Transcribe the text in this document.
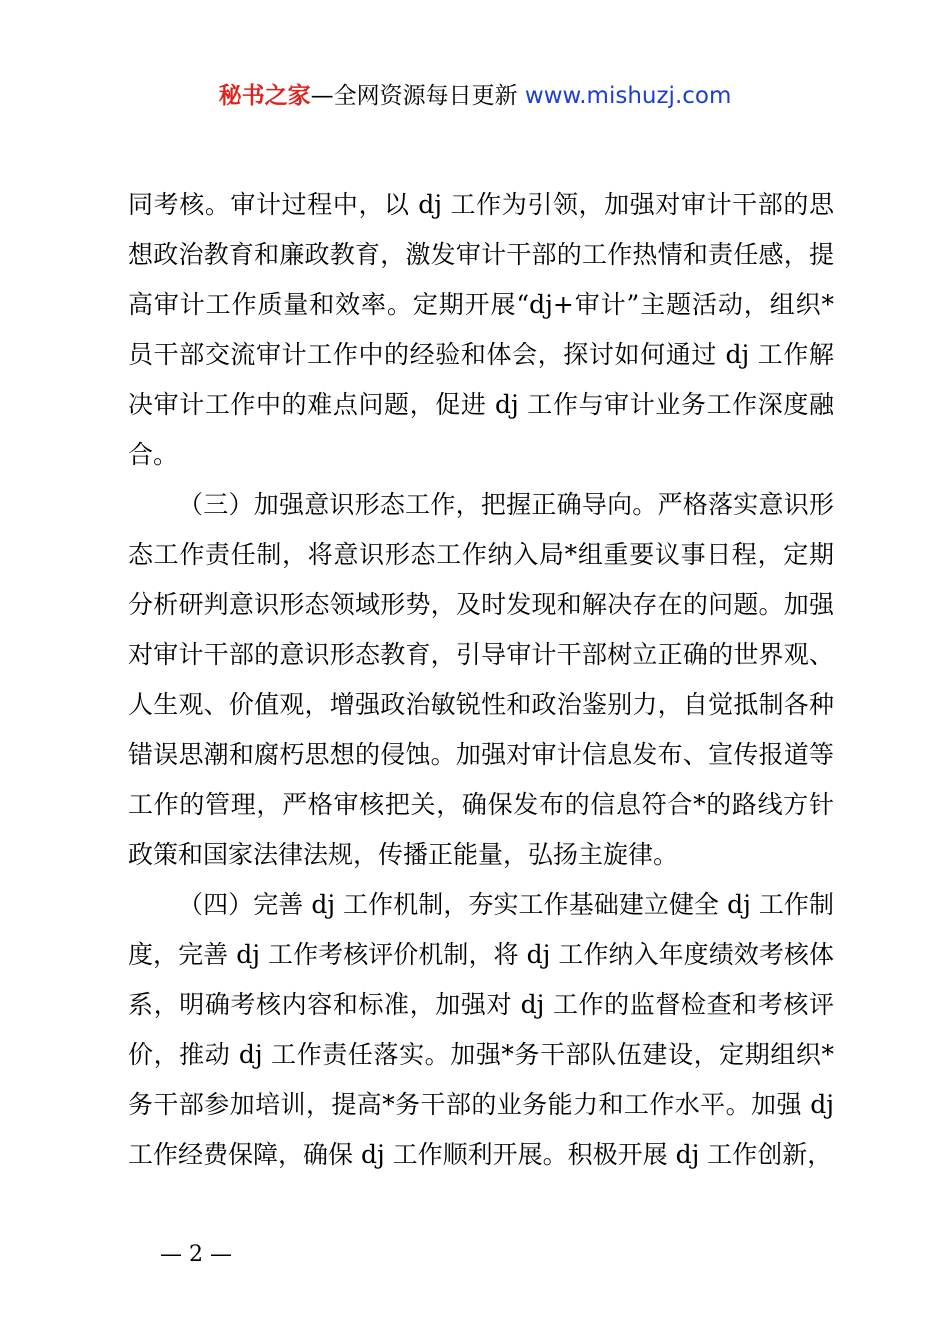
秘书之家—全网资源每日更新 www.mishuzj.com

同考核。审计过程中，以 dj 工作为引领，加强对审计干部的思想政治教育和廉政教育，激发审计干部的工作热情和责任感，提高审计工作质量和效率。定期开展“dj+审计”主题活动，组织*员干部交流审计工作中的经验和体会，探讨如何通过 dj 工作解决审计工作中的难点问题，促进 dj 工作与审计业务工作深度融合。

（三）加强意识形态工作，把握正确导向。严格落实意识形态工作责任制，将意识形态工作纳入局*组重要议事日程，定期分析研判意识形态领域形势，及时发现和解决存在的问题。加强对审计干部的意识形态教育，引导审计干部树立正确的世界观、人生观、价值观，增强政治敏锐性和政治鉴别力，自觉抵制各种错误思潮和腐朽思想的侵蚀。加强对审计信息发布、宣传报道等工作的管理，严格审核把关，确保发布的信息符合*的路线方针政策和国家法律法规，传播正能量，弘扬主旋律。

（四）完善 dj 工作机制，夯实工作基础建立健全 dj 工作制度，完善 dj 工作考核评价机制，将 dj 工作纳入年度绩效考核体系，明确考核内容和标准，加强对 dj 工作的监督检查和考核评价，推动 dj 工作责任落实。加强*务干部队伍建设，定期组织*务干部参加培训，提高*务干部的业务能力和工作水平。加强 dj 工作经费保障，确保 dj 工作顺利开展。积极开展 dj 工作创新，

— 2 —
